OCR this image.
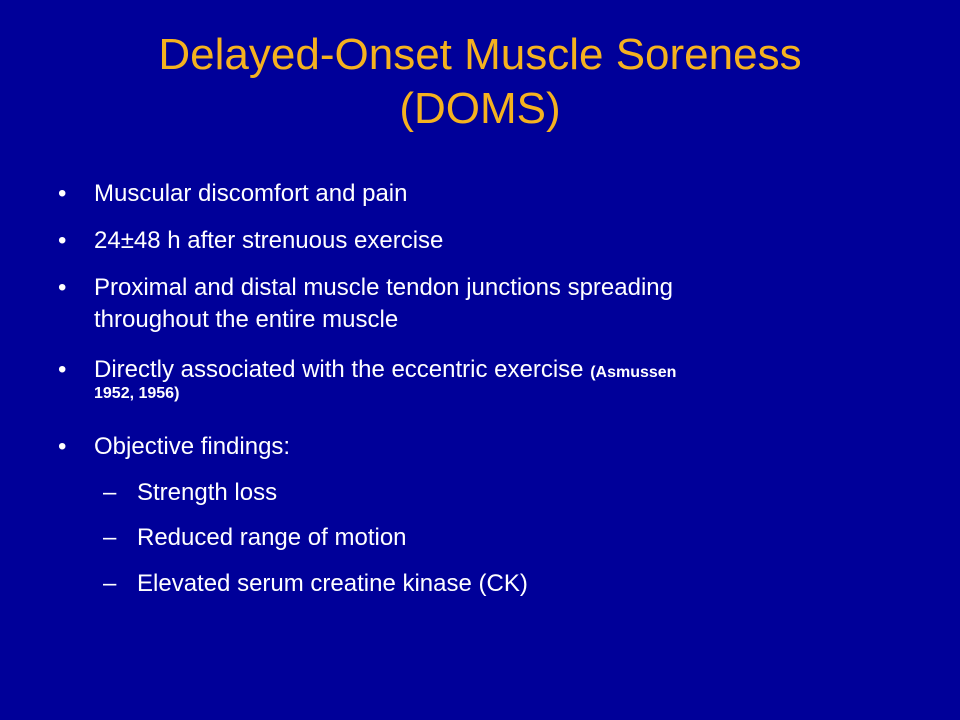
Delayed-Onset Muscle Soreness
(DOMS)
•	Muscular discomfort and pain
•	24±48 h after strenuous exercise
•	Proximal and distal muscle tendon junctions spreading
throughout the entire muscle
•	Directly associated with the eccentric exercise (Asmussen
1952, 1956)
•	Objective findings:
– Strength loss
– Reduced range of motion
– Elevated serum creatine kinase (CK)
